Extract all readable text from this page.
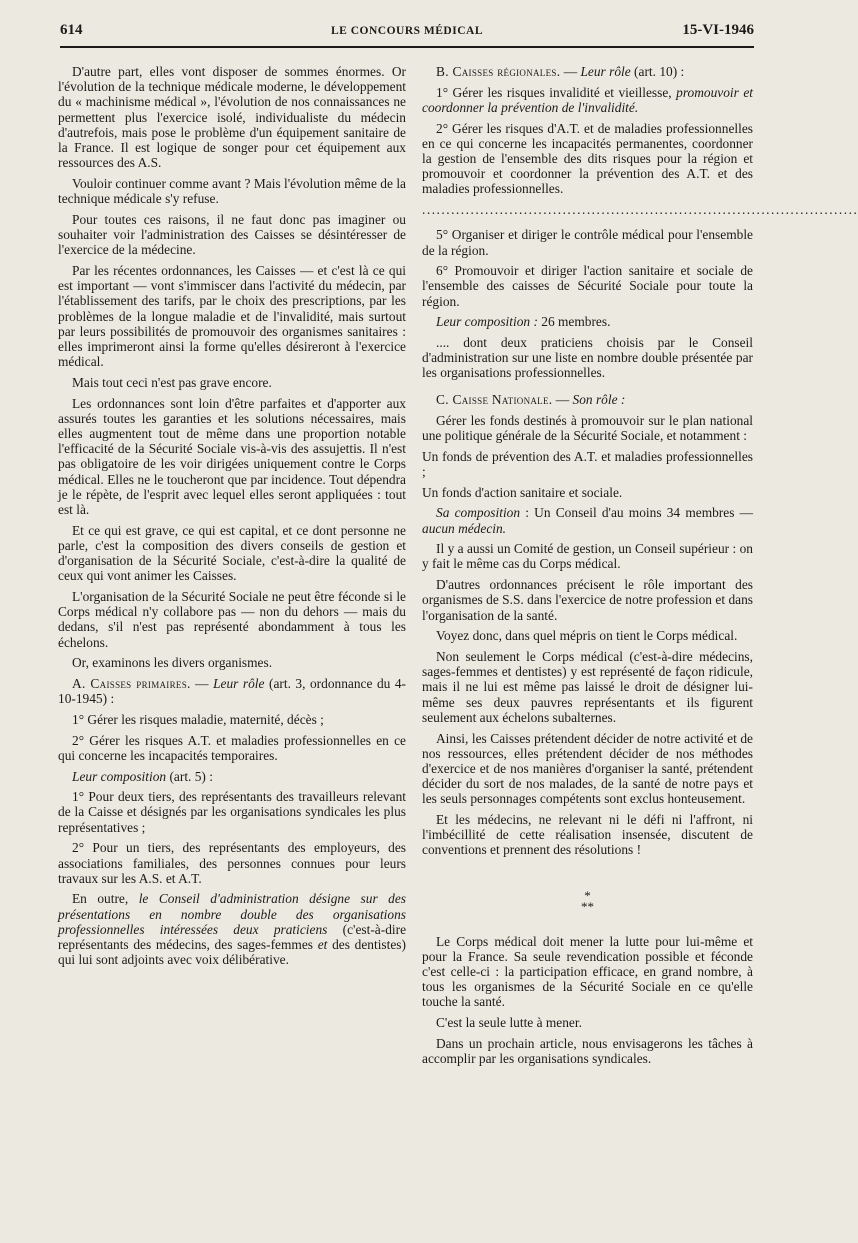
614	LE CONCOURS MÉDICAL	15-VI-1946

D'autre part, elles vont disposer de sommes énormes. Or l'évolution de la technique médicale moderne, le développement du « machinisme médical », l'évolution de nos connaissances ne permettent plus l'exercice isolé, individualiste du médecin d'autrefois, mais pose le problème d'un équipement sanitaire de la France. Il est logique de songer pour cet équipement aux ressources des A.S.

Vouloir continuer comme avant ? Mais l'évolution même de la technique médicale s'y refuse.

Pour toutes ces raisons, il ne faut donc pas imaginer ou souhaiter voir l'administration des Caisses se désintéresser de l'exercice de la médecine.

Par les récentes ordonnances, les Caisses — et c'est là ce qui est important — vont s'immiscer dans l'activité du médecin, par l'établissement des tarifs, par le choix des prescriptions, par les problèmes de la longue maladie et de l'invalidité, mais surtout par leurs possibilités de promouvoir des organismes sanitaires : elles imprimeront ainsi la forme qu'elles désireront à l'exercice médical.

Mais tout ceci n'est pas grave encore.

Les ordonnances sont loin d'être parfaites et d'apporter aux assurés toutes les garanties et les solutions nécessaires, mais elles augmentent tout de même dans une proportion notable l'efficacité de la Sécurité Sociale vis-à-vis des assujettis. Il n'est pas obligatoire de les voir dirigées uniquement contre le Corps médical. Elles ne le toucheront que par incidence. Tout dépendra je le répète, de l'esprit avec lequel elles seront appliquées : tout est là.

Et ce qui est grave, ce qui est capital, et ce dont personne ne parle, c'est la composition des divers conseils de gestion et d'organisation de la Sécurité Sociale, c'est-à-dire la qualité de ceux qui vont animer les Caisses.

L'organisation de la Sécurité Sociale ne peut être féconde si le Corps médical n'y collabore pas — non du dehors — mais du dedans, s'il n'est pas représenté abondamment à tous les échelons.

Or, examinons les divers organismes.

A. Caisses primaires. — Leur rôle (art. 3, ordonnance du 4-10-1945) :

1° Gérer les risques maladie, maternité, décès ;

2° Gérer les risques A.T. et maladies professionnelles en ce qui concerne les incapacités temporaires.

Leur composition (art. 5) :

1° Pour deux tiers, des représentants des travailleurs relevant de la Caisse et désignés par les organisations syndicales les plus représentatives ;

2° Pour un tiers, des représentants des employeurs, des associations familiales, des personnes connues pour leurs travaux sur les A.S. et A.T.

En outre, le Conseil d'administration désigne sur des présentations en nombre double des organisations professionnelles intéressées deux praticiens (c'est-à-dire représentants des médecins, des sages-femmes et des dentistes) qui lui sont adjoints avec voix délibérative.

B. Caisses régionales. — Leur rôle (art. 10) :

1° Gérer les risques invalidité et vieillesse, promouvoir et coordonner la prévention de l'invalidité.

2° Gérer les risques d'A.T. et de maladies professionnelles en ce qui concerne les incapacités permanentes, coordonner la gestion de l'ensemble des dits risques pour la région et promouvoir et coordonner la prévention des A.T. et des maladies professionnelles.

..........................................................................................

5° Organiser et diriger le contrôle médical pour l'ensemble de la région.

6° Promouvoir et diriger l'action sanitaire et sociale de l'ensemble des caisses de Sécurité Sociale pour toute la région.

Leur composition : 26 membres.

.... dont deux praticiens choisis par le Conseil d'administration sur une liste en nombre double présentée par les organisations professionnelles.

C. Caisse Nationale. — Son rôle :

Gérer les fonds destinés à promouvoir sur le plan national une politique générale de la Sécurité Sociale, et notamment :

Un fonds de prévention des A.T. et maladies professionnelles ;

Un fonds d'action sanitaire et sociale.

Sa composition : Un Conseil d'au moins 34 membres — aucun médecin.

Il y a aussi un Comité de gestion, un Conseil supérieur : on y fait le même cas du Corps médical.

D'autres ordonnances précisent le rôle important des organismes de S.S. dans l'exercice de notre profession et dans l'organisation de la santé.

Voyez donc, dans quel mépris on tient le Corps médical.

Non seulement le Corps médical (c'est-à-dire médecins, sages-femmes et dentistes) y est représenté de façon ridicule, mais il ne lui est même pas laissé le droit de désigner lui-même ses deux pauvres représentants et ils figurent seulement aux échelons subalternes.

Ainsi, les Caisses prétendent décider de notre activité et de nos ressources, elles prétendent décider de nos méthodes d'exercice et de nos manières d'organiser la santé, prétendent décider du sort de nos malades, de la santé de notre pays et les seuls personnages compétents sont exclus honteusement.

Et les médecins, ne relevant ni le défi ni l'affront, ni l'imbécillité de cette réalisation insensée, discutent de conventions et prennent des résolutions !

*
**

Le Corps médical doit mener la lutte pour lui-même et pour la France. Sa seule revendication possible et féconde c'est celle-ci : la participation efficace, en grand nombre, à tous les organismes de la Sécurité Sociale en ce qu'elle touche la santé.

C'est la seule lutte à mener.

Dans un prochain article, nous envisagerons les tâches à accomplir par les organisations syndicales.
